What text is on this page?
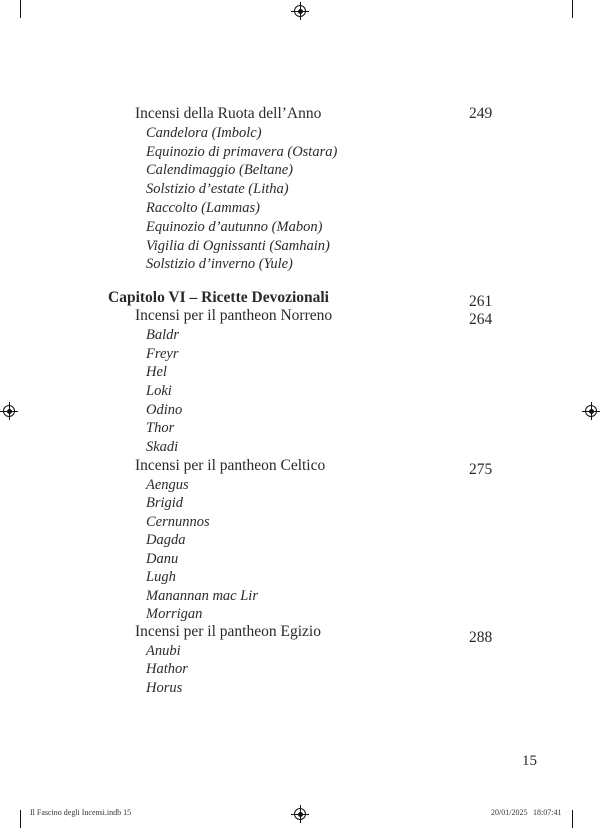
Incensi della Ruota dell’Anno	249
Candelora (Imbolc)
Equinozio di primavera (Ostara)
Calendimaggio (Beltane)
Solstizio d’estate (Litha)
Raccolto (Lammas)
Equinozio d’autunno (Mabon)
Vigilia di Ognissanti (Samhain)
Solstizio d’inverno (Yule)
Capitolo VI – Ricette Devozionali	261
Incensi per il pantheon Norreno	264
Baldr
Freyr
Hel
Loki
Odino
Thor
Skadi
Incensi per il pantheon Celtico	275
Aengus
Brigid
Cernunnos
Dagda
Danu
Lugh
Manannan mac Lir
Morrigan
Incensi per il pantheon Egizio	288
Anubi
Hathor
Horus
15
Il Fascino degli Incensi.indb 15	20/01/2025 18:07:41
